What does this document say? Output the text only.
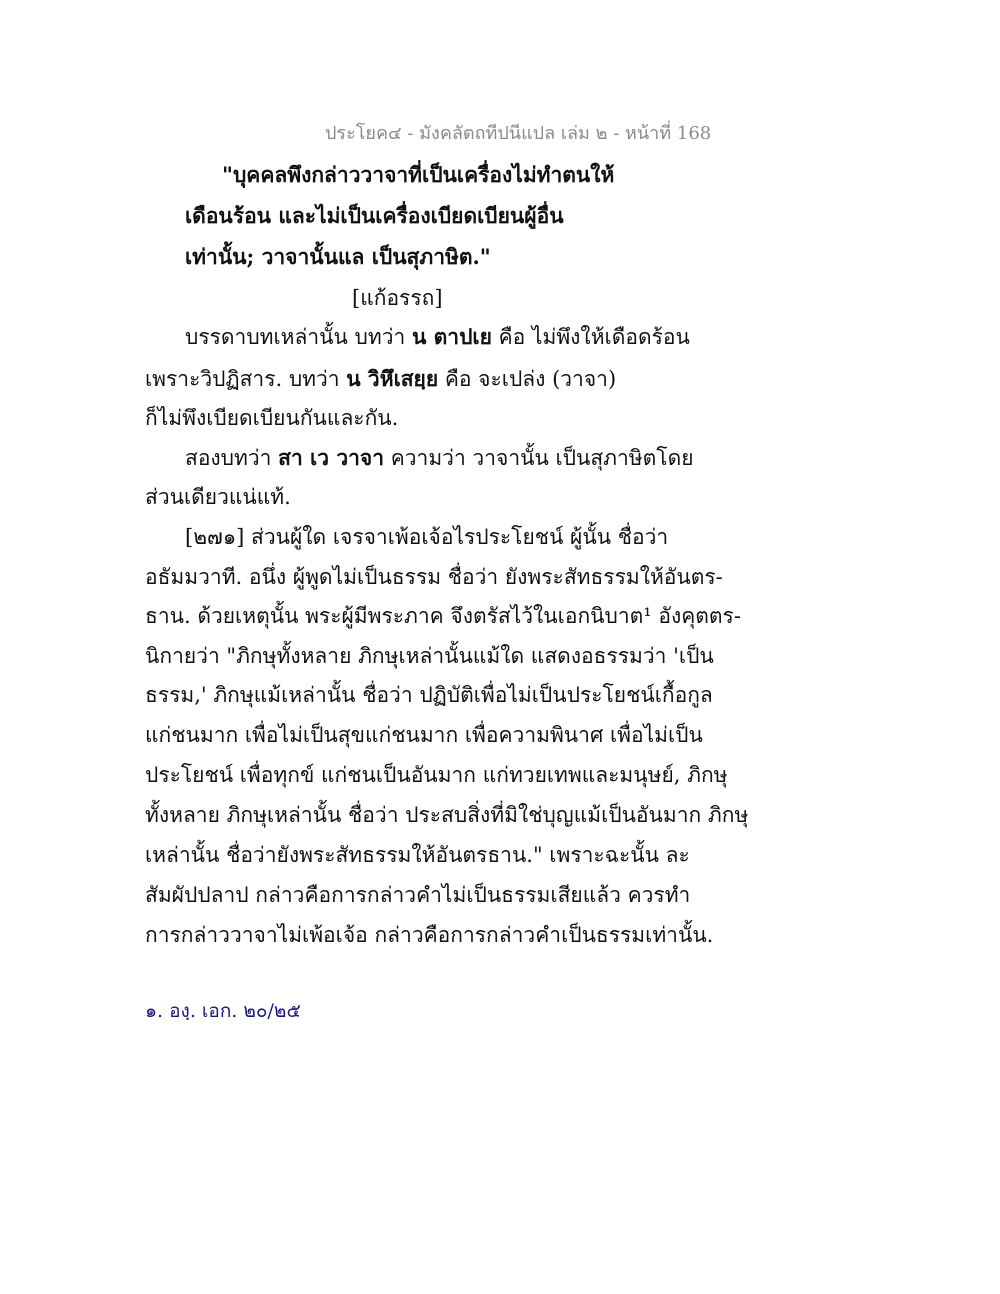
ประโยค๔ - มังคลัตถทีปนีแปล เล่ม ๒ - หน้าที่ 168
"บุคคลพึงกล่าววาจาที่เป็นเครื่องไม่ทำตนให้
เดือนร้อน และไม่เป็นเครื่องเบียดเบียนผู้อื่น
เท่านั้น; วาจานั้นแล เป็นสุภาษิต."
[แก้อรรถ]
บรรดาบทเหล่านั้น บทว่า น ตาปเย คือ ไม่พึงให้เดือดร้อน
เพราะวิปฏิสาร. บทว่า น วิหึเสยฺย คือ จะเปล่ง (วาจา)
ก็ไม่พึงเบียดเบียนกันและกัน.
สองบทว่า สา เว วาจา ความว่า วาจานั้น เป็นสุภาษิตโดย
ส่วนเดียวแน่แท้.
[๒๗๑] ส่วนผู้ใด เจรจาเพ้อเจ้อไรประโยชน์ ผู้นั้น ชื่อว่า
อธัมมวาที. อนึ่ง ผู้พูดไม่เป็นธรรม ชื่อว่า ยังพระสัทธรรมให้อันตร-
ธาน. ด้วยเหตุนั้น พระผู้มีพระภาค จึงตรัสไว้ในเอกนิบาต¹ อังคุตตร-
นิกายว่า "ภิกษุทั้งหลาย ภิกษุเหล่านั้นแม้ใด แสดงอธรรมว่า 'เป็น
ธรรม,' ภิกษุแม้เหล่านั้น ชื่อว่า ปฏิบัติเพื่อไม่เป็นประโยชน์เกื้อกูล
แก่ชนมาก เพื่อไม่เป็นสุขแก่ชนมาก เพื่อความพินาศ เพื่อไม่เป็น
ประโยชน์ เพื่อทุกข์ แก่ชนเป็นอันมาก แก่ทวยเทพและมนุษย์, ภิกษุ
ทั้งหลาย ภิกษุเหล่านั้น ชื่อว่า ประสบสิ่งที่มิใช่บุญแม้เป็นอันมาก ภิกษุ
เหล่านั้น ชื่อว่ายังพระสัทธรรมให้อันตรธาน." เพราะฉะนั้น ละ
สัมผัปปลาป กล่าวคือการกล่าวคำไม่เป็นธรรมเสียแล้ว ควรทำ
การกล่าววาจาไม่เพ้อเจ้อ กล่าวคือการกล่าวคำเป็นธรรมเท่านั้น.
๑. องฺ. เอก. ๒๐/๒๕
